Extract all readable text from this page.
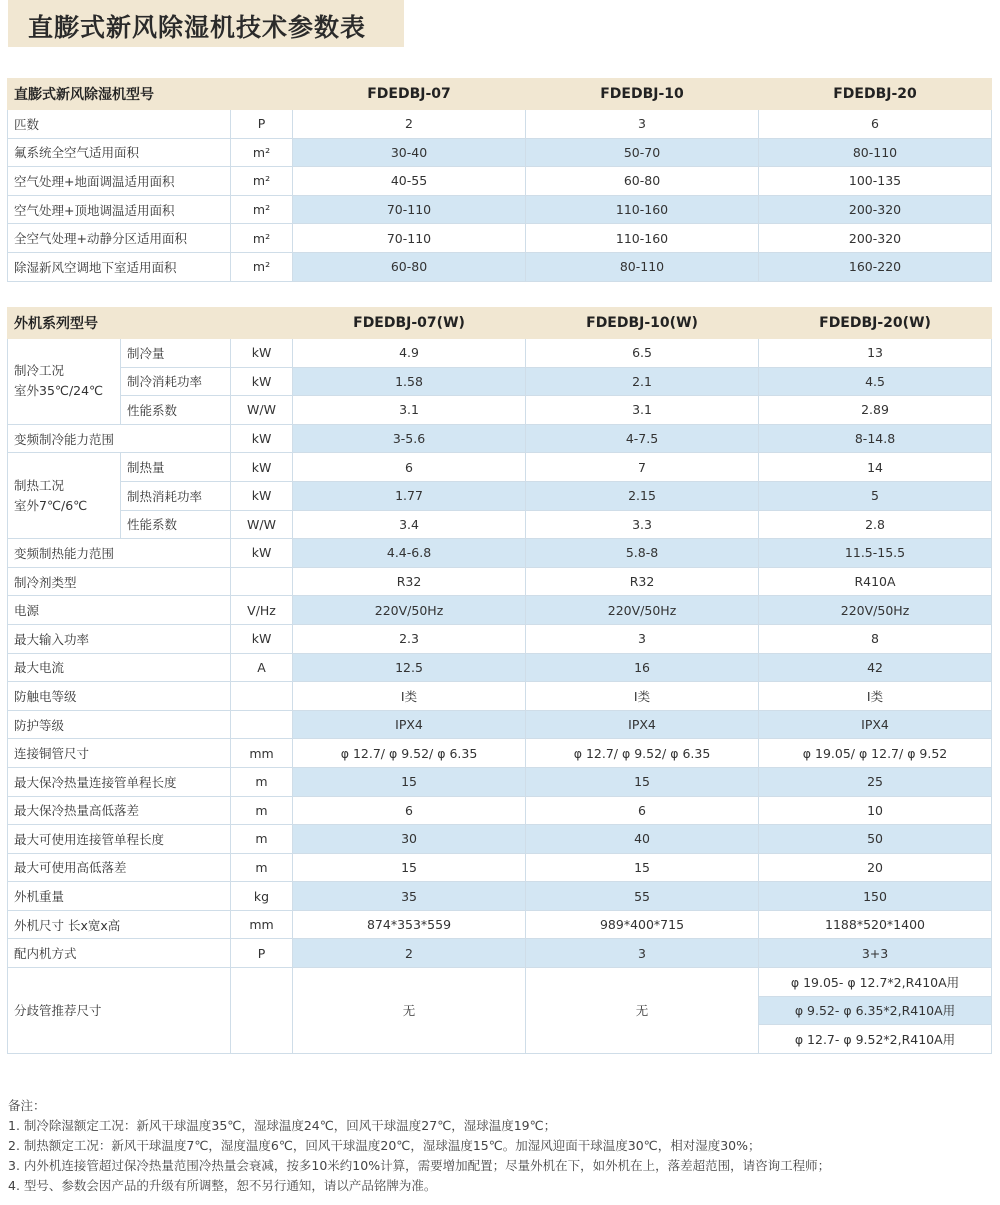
直膨式新风除湿机技术参数表
直膨式新风除湿机型号		FDEDBJ-07	FDEDBJ-10	FDEDBJ-20
匹数	P	2	3	6
氟系统全空气适用面积	m²	30-40	50-70	80-110
空气处理+地面调温适用面积	m²	40-55	60-80	100-135
空气处理+顶地调温适用面积	m²	70-110	110-160	200-320
全空气处理+动静分区适用面积	m²	70-110	110-160	200-320
除湿新风空调地下室适用面积	m²	60-80	80-110	160-220
外机系列型号			FDEDBJ-07(W)	FDEDBJ-10(W)	FDEDBJ-20(W)

制冷工况
室外35℃/24℃	制冷量	kW	4.9	6.5	13
	制冷消耗功率	kW	1.58	2.1	4.5
	性能系数	W/W	3.1	3.1	2.89
变频制冷能力范围		kW	3-5.6	4-7.5	8-14.8

制热工况
室外7℃/6℃	制热量	kW	6	7	14
	制热消耗功率	kW	1.77	2.15	5
	性能系数	W/W	3.4	3.3	2.8
变频制热能力范围		kW	4.4-6.8	5.8-8	11.5-15.5
制冷剂类型			R32	R32	R410A
电源		V/Hz	220V/50Hz	220V/50Hz	220V/50Hz
最大输入功率		kW	2.3	3	8
最大电流		A	12.5	16	42
防触电等级			I类	I类	I类
防护等级			IPX4	IPX4	IPX4
连接铜管尺寸		mm	φ 12.7/ φ 9.52/ φ 6.35	φ 12.7/ φ 9.52/ φ 6.35	φ 19.05/ φ 12.7/ φ 9.52
最大保冷热量连接管单程长度		m	15	15	25
最大保冷热量高低落差		m	6	6	10
最大可使用连接管单程长度		m	30	40	50
最大可使用高低落差		m	15	15	20
外机重量		kg	35	55	150
外机尺寸 长x宽x高		mm	874*353*559	989*400*715	1188*520*1400
配内机方式		P	2	3	3+3
分歧管推荐尺寸			无	无	φ 19.05- φ 12.7*2,R410A用
					φ 9.52- φ 6.35*2,R410A用
					φ 12.7- φ 9.52*2,R410A用
备注：
1. 制冷除湿额定工况：新风干球温度35℃，湿球温度24℃，回风干球温度27℃，湿球温度19℃；
2. 制热额定工况：新风干球温度7℃，湿度温度6℃，回风干球温度20℃，湿球温度15℃。加湿风迎面干球温度30℃，相对湿度30%；
3. 内外机连接管超过保冷热量范围冷热量会衰减，按多10米约10%计算，需要增加配置；尽量外机在下，如外机在上，落差超范围，请咨询工程师；
4. 型号、参数会因产品的升级有所调整，恕不另行通知，请以产品铭牌为准。
